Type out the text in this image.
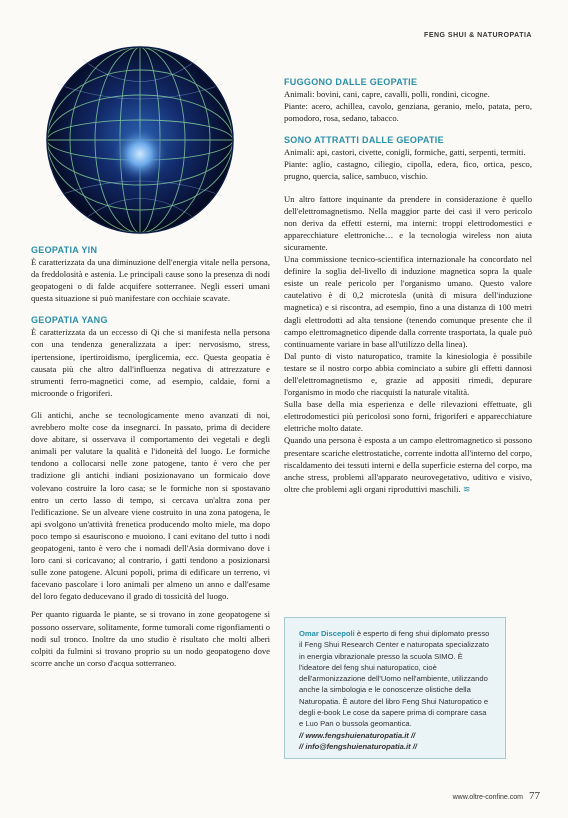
FENG SHUI & NATUROPATIA
GEOPATIA YIN

È caratterizzata da una diminuzione dell'energia vitale nella persona, da freddolosità e astenia. Le principali cause sono la presenza di nodi geopatogeni o di falde acquifere sotterranee. Negli esseri umani questa situazione si può manifestare con occhiaie scavate.

GEOPATIA YANG

È caratterizzata da un eccesso di Qi che si manifesta nella persona con una tendenza generalizzata a iper: nervosismo, stress, ipertensione, ipertiroidismo, iperglicemia, ecc. Questa geopatia è causata più che altro dall'influenza negativa di attrezzature e strumenti ferro-magnetici come, ad esempio, caldaie, forni a microonde o frigoriferi.

Gli antichi, anche se tecnologicamente meno avanzati di noi, avrebbero molte cose da insegnarci. In passato, prima di decidere dove abitare, si osservava il comportamento dei vegetali e degli animali per valutare la qualità e l'idoneità del luogo. Le formiche tendono a collocarsi nelle zone patogene, tanto è vero che per tradizione gli antichi indiani posizionavano un formicaio dove volevano costruire la loro casa; se le formiche non si spostavano entro un certo lasso di tempo, si cercava un'altra zona per l'edificazione. Se un alveare viene costruito in una zona patogena, le api svolgono un'attività frenetica producendo molto miele, ma dopo poco tempo si esauriscono e muoiono. I cani evitano del tutto i nodi geopatogeni, tanto è vero che i nomadi dell'Asia dormivano dove i loro cani si coricavano; al contrario, i gatti tendono a posizionarsi sulle zone patogene. Alcuni popoli, prima di edificare un terreno, vi facevano pascolare i loro animali per almeno un anno e dall'esame del loro fegato deducevano il grado di tossicità del luogo.

Per quanto riguarda le piante, se si trovano in zone geopatogene si possono osservare, solitamente, forme tumorali come rigonfiamenti o nodi sul tronco. Inoltre da uno studio è risultato che molti alberi colpiti da fulmini si trovano proprio su un nodo geopatogeno dove scorre anche un corso d'acqua sotterraneo.

FUGGONO DALLE GEOPATIE

Animali: bovini, cani, capre, cavalli, polli, rondini, cicogne.

Piante: acero, achillea, cavolo, genziana, geranio, melo, patata, pero, pomodoro, rosa, sedano, tabacco.

SONO ATTRATTI DALLE GEOPATIE

Animali: api, castori, civette, conigli, formiche, gatti, serpenti, termiti.

Piante: aglio, castagno, ciliegio, cipolla, edera, fico, ortica, pesco, prugno, quercia, salice, sambuco, vischio.

Un altro fattore inquinante da prendere in considerazione è quello dell'elettromagnetismo. Nella maggior parte dei casi il vero pericolo non deriva da effetti esterni, ma interni: troppi elettrodomestici e apparecchiature elettroniche… e la tecnologia wireless non aiuta sicuramente.

Una commissione tecnico-scientifica internazionale ha concordato nel definire la soglia del-livello di induzione magnetica sopra la quale esiste un reale pericolo per l'organismo umano. Questo valore cautelativo è di 0,2 microtesla (unità di misura dell'induzione magnetica) e si riscontra, ad esempio, fino a una distanza di 100 metri dagli elettrodotti ad alta tensione (tenendo comunque presente che il campo elettromagnetico dipende dalla corrente trasportata, la quale può continuamente variare in base all'utilizzo della linea).

Dal punto di visto naturopatico, tramite la kinesiologia è possibile testare se il nostro corpo abbia cominciato a subire gli effetti dannosi dell'elettromagnetismo e, grazie ad appositi rimedi, depurare l'organismo in modo che riacquisti la naturale vitalità.

Sulla base della mia esperienza e delle rilevazioni effettuate, gli elettrodomestici più pericolosi sono forni, frigoriferi e apparecchiature elettriche molto datate.

Quando una persona è esposta a un campo elettromagnetico si possono presentare scariche elettrostatiche, corrente indotta all'interno del corpo, riscaldamento dei tessuti interni e della superficie esterna del corpo, ma anche stress, problemi all'apparato neurovegetativo, uditivo e visivo, oltre che problemi agli organi riproduttivi maschili. ≋

Omar Discepoli è esperto di feng shui diplomato presso il Feng Shui Research Center e naturopata specializzato in energia vibrazionale presso la scuola SIMO. È l'ideatore del feng shui naturopatico, cioè dell'armonizzazione dell'Uomo nell'ambiente, utilizzando anche la simbologia e le conoscenze olistiche della Naturopatia. È autore del libro Feng Shui Naturopatico e degli e-book Le cose da sapere prima di comprare casa e Luo Pan o bussola geomantica.
// www.fengshuienaturopatia.it //
// info@fengshuienaturopatia.it //
www.oltre-confine.com 77
